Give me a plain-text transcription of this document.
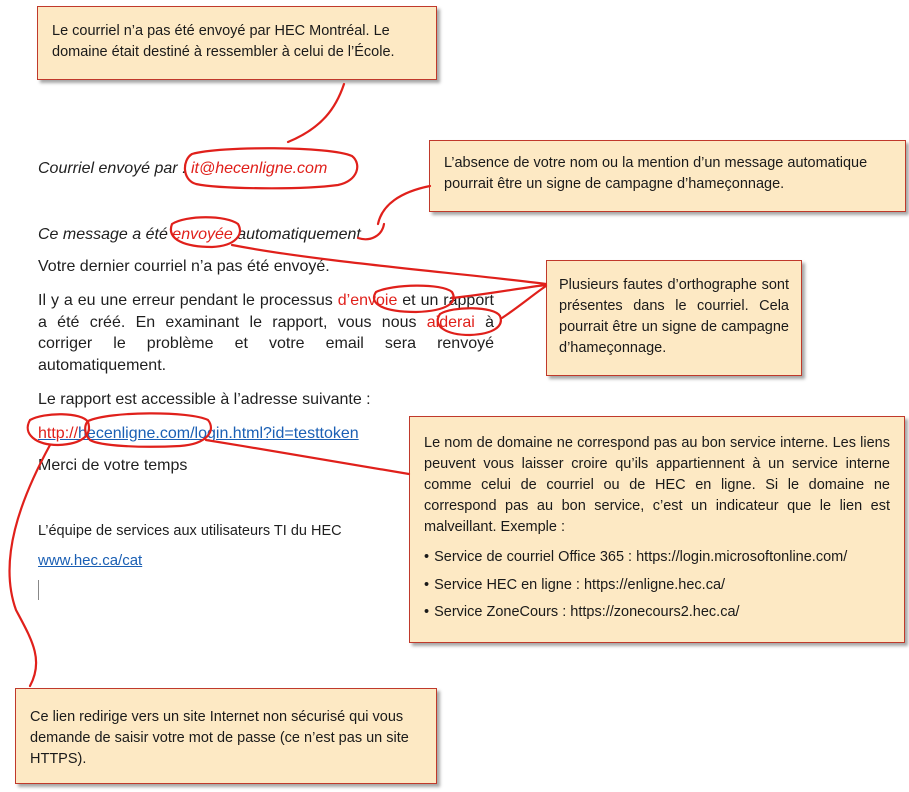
Le courriel n’a pas été envoyé par HEC Montréal. Le domaine était destiné à ressembler à celui de l’École.

L’absence de votre nom ou la mention d’un message automatique pourrait être un signe de campagne d’hameçonnage.

Plusieurs fautes d’orthographe sont présentes dans le courriel. Cela pourrait être un signe de campagne d’hameçonnage.

Le nom de domaine ne correspond pas au bon service interne. Les liens peuvent vous laisser croire qu’ils appartiennent à un service interne comme celui de courriel ou de HEC en ligne. Si le domaine ne correspond pas au bon service, c’est un indicateur que le lien est malveillant. Exemple :

• Service de courriel Office 365 : https://login.microsoftonline.com/
• Service HEC en ligne : https://enligne.hec.ca/
• Service ZoneCours : https://zonecours2.hec.ca/

Ce lien redirige vers un site Internet non sécurisé qui vous demande de saisir votre mot de passe (ce n’est pas un site HTTPS).

Courriel envoyé par : it@hecenligne.com
Ce message a été envoyée automatiquement
Votre dernier courriel n’a pas été envoyé.
Il y a eu une erreur pendant le processus d’envoie et un rapport a été créé. En examinant le rapport, vous nous aiderai à corriger le problème et votre email sera renvoyé automatiquement.
Le rapport est accessible à l’adresse suivante :
http://hecenligne.com/login.html?id=testtoken
Merci de votre temps
L’équipe de services aux utilisateurs TI du HEC
www.hec.ca/cat
